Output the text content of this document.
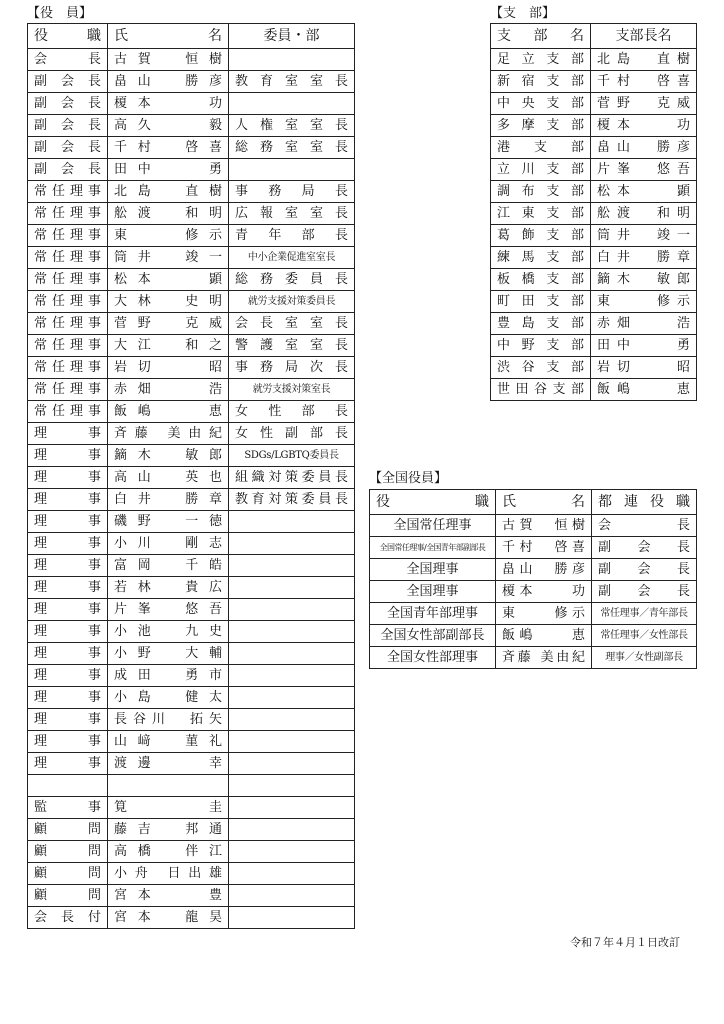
【役　員】
役　職	氏　　名	委員・部
会　長	古賀　恒樹	
副 会 長	畠山　勝彦	教育室室長
副 会 長	榎本　　功	
副 会 長	高久　　毅	人権室室長
副 会 長	千村　啓喜	総務室室長
副 会 長	田中　　勇	
常任理事	北島　直樹	事務局長
常任理事	舩渡　和明	広報室室長
常任理事	東　　修示	青年部長
常任理事	筒井　竣一	中小企業促進室室長
常任理事	松本　　顕	総務委員長
常任理事	大林　史明	就労支援対策委員長
常任理事	菅野　克威	会長室室長
常任理事	大江　和之	警護室室長
常任理事	岩切　　昭	事務局次長
常任理事	赤畑　　浩	就労支援対策室長
常任理事	飯嶋　　恵	女性部長
理　事	斉藤 美由紀	女性副部長
理　事	鏑木　敏郎	SDGs/LGBTQ委員長
理　事	高山　英也	組織対策委員長
理　事	白井　勝章	教育対策委員長
理　事	磯野　一徳	
理　事	小川　剛志	
理　事	富岡　千皓	
理　事	若林　貴広	
理　事	片峯　悠吾	
理　事	小池　九史	
理　事	小野　大輔	
理　事	成田　勇市	
理　事	小島　健太	
理　事	長谷川　拓矢	
理　事	山﨑　菫礼	
理　事	渡邊　　幸	

監　事	筧　　　圭	
顧　問	藤吉　邦通	
顧　問	高橋　伴江	
顧　問	小舟 日出雄	
顧　問	宮本　　豊	
会長付	宮本　龍昊	
【支　部】
支　部　名	支部長名
足立支部	北島　直樹
新宿支部	千村　啓喜
中央支部	菅野　克威
多摩支部	榎本　　功
港　支　部	畠山　勝彦
立川支部	片峯　悠吾
調布支部	松本　　顕
江東支部	舩渡　和明
葛飾支部	筒井　竣一
練馬支部	白井　勝章
板橋支部	鏑木　敏郎
町田支部	東　　修示
豊島支部	赤畑　　浩
中野支部	田中　　勇
渋谷支部	岩切　　昭
世田谷支部	飯嶋　　恵
【全国役員】
役　職	氏　　名	都連役職
全国常任理事	古賀　恒樹	会　　長
全国常任理事/全国青年部副部長	千村　啓喜	副　会　長
全国理事	畠山　勝彦	副　会　長
全国理事	榎本　　功	副　会　長
全国青年部理事	東　　修示	常任理事／青年部長
全国女性部副部長	飯嶋　　恵	常任理事／女性部長
全国女性部理事	斉藤 美由紀	理事／女性副部長
令和７年４月１日改訂
